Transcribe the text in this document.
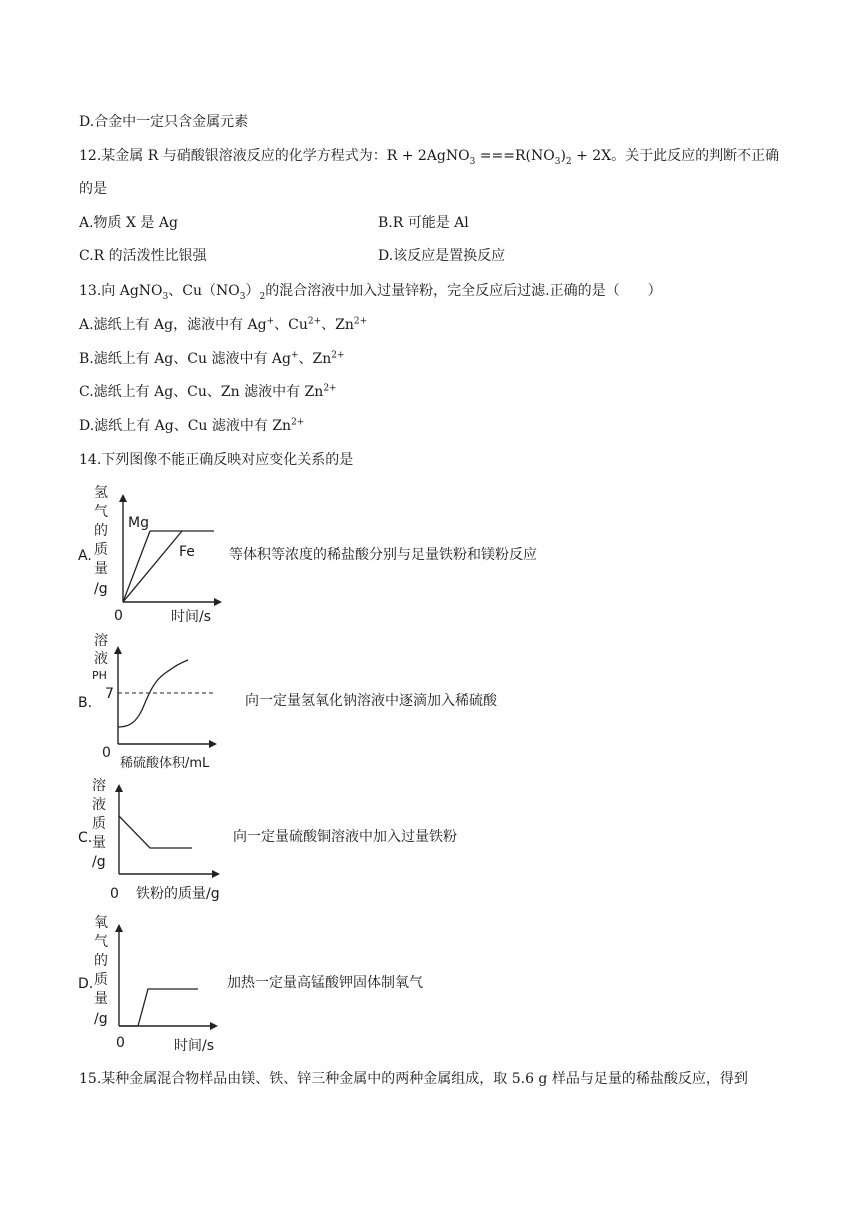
D.合金中一定只含金属元素
12.某金属 R 与硝酸银溶液反应的化学方程式为：R + 2AgNO$_3$ $===R(NO_3)_2 + 2X$。关于此反应的判断不正确
的是
A.物质 X 是 Ag	B.R 可能是 Al
C.R 的活泼性比银强	D.该反应是置换反应
13.向 AgNO$_3$、$Cu(NO_3)_2$的混合溶液中加入过量锌粉，完全反应后过滤.正确的是（　　）
A.滤纸上有 Ag，滤液中有 Ag+、$Cu^{2+}$、$Zn^{2+}$
B.滤纸上有 Ag、Cu 滤液中有 Ag+、$Zn^{2+}$
C.滤纸上有 Ag、Cu、Zn 滤液中有 $Zn^{2+}$
D.滤纸上有 Ag、Cu 滤液中有 $Zn^{2+}$
14.下列图像不能正确反映对应变化关系的是
A.
氢
气
的
质
量
/g
Mg
Fe
0	时间/s
等体积等浓度的稀盐酸分别与足量铁粉和镁粉反应
B.
溶
液
PH
7
0
稀硫酸体积/mL
向一定量氢氧化钠溶液中逐滴加入稀硫酸
C.
溶
液
质
量
/g
0 铁粉的质量/g
向一定量硫酸铜溶液中加入过量铁粉
D.
氧
气
的
质
量
/g
0	时间/s
加热一定量高锰酸钾固体制氧气
15.某种金属混合物样品由镁、铁、锌三种金属中的两种金属组成，取 5.6 g 样品与足量的稀盐酸反应，得到
